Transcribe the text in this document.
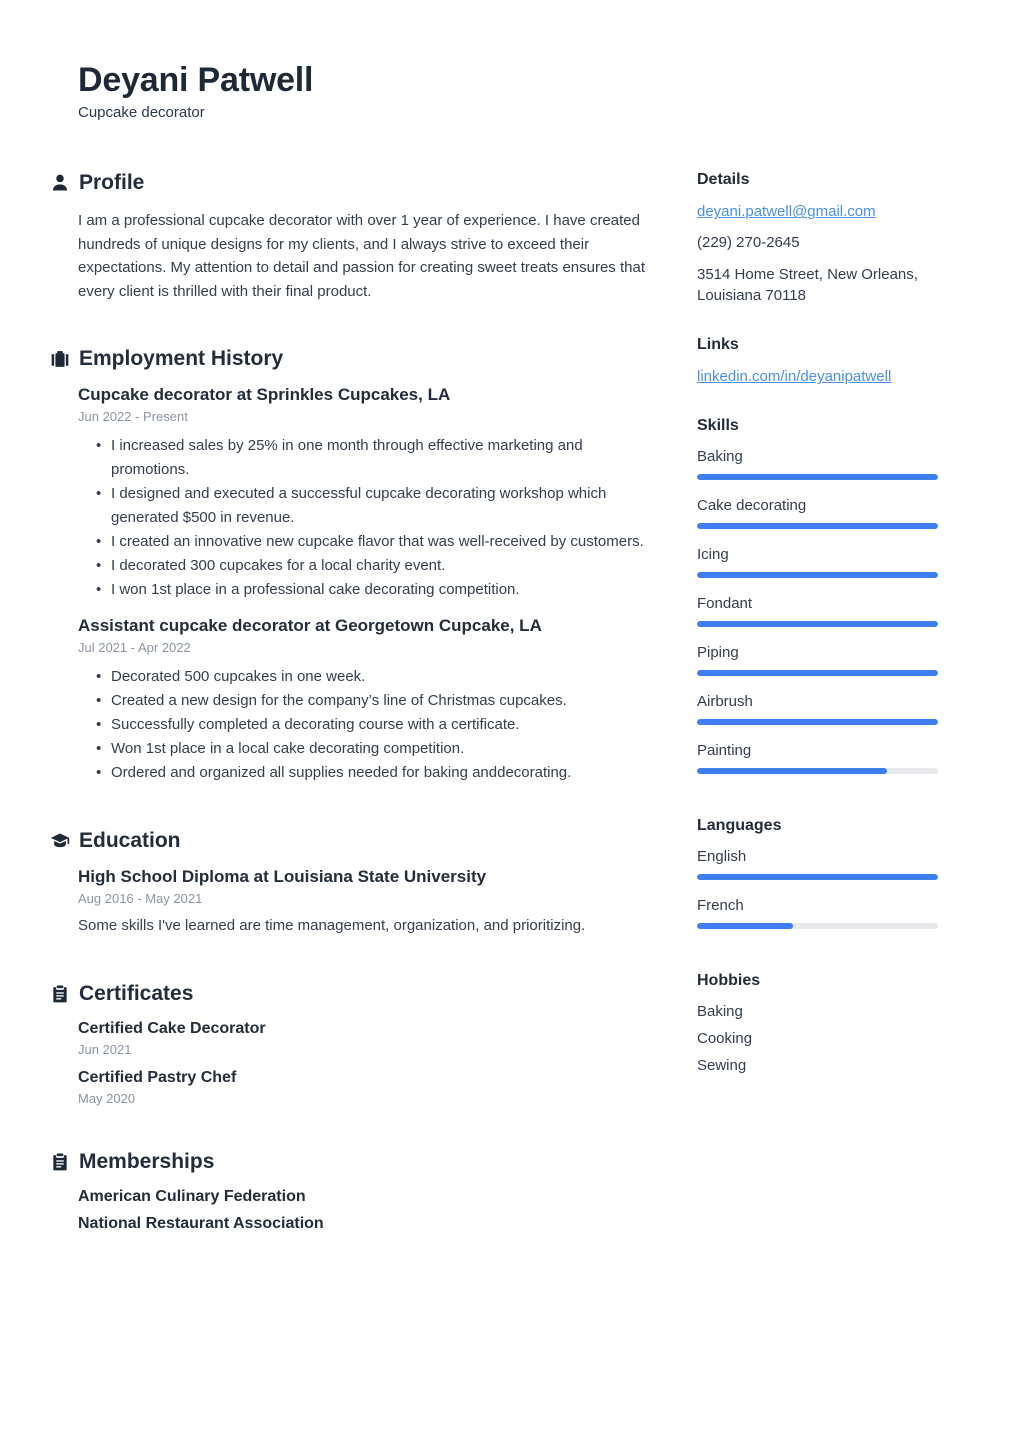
Deyani Patwell
Cupcake decorator
Profile

I am a professional cupcake decorator with over 1 year of experience. I have created hundreds of unique designs for my clients, and I always strive to exceed their expectations. My attention to detail and passion for creating sweet treats ensures that every client is thrilled with their final product.

Employment History
Cupcake decorator at Sprinkles Cupcakes, LA
Jun 2022 - Present
• I increased sales by 25% in one month through effective marketing and promotions.
• I designed and executed a successful cupcake decorating workshop which generated $500 in revenue.
• I created an innovative new cupcake flavor that was well-received by customers.
• I decorated 300 cupcakes for a local charity event.
• I won 1st place in a professional cake decorating competition.
Assistant cupcake decorator at Georgetown Cupcake, LA
Jul 2021 - Apr 2022
• Decorated 500 cupcakes in one week.
• Created a new design for the company’s line of Christmas cupcakes.
• Successfully completed a decorating course with a certificate.
• Won 1st place in a local cake decorating competition.
• Ordered and organized all supplies needed for baking anddecorating.
Education
High School Diploma at Louisiana State University
Aug 2016 - May 2021

Some skills I've learned are time management, organization, and prioritizing.

Certificates
Certified Cake Decorator
Jun 2021
Certified Pastry Chef
May 2020
Memberships
American Culinary Federation
National Restaurant Association
Details
deyani.patwell@gmail.com
(229) 270-2645
3514 Home Street, New Orleans,
Louisiana 70118
Links
linkedin.com/in/deyanipatwell
Skills
Baking
Cake decorating
Icing
Fondant
Piping
Airbrush
Painting
Languages
English
French
Hobbies
Baking
Cooking
Sewing
